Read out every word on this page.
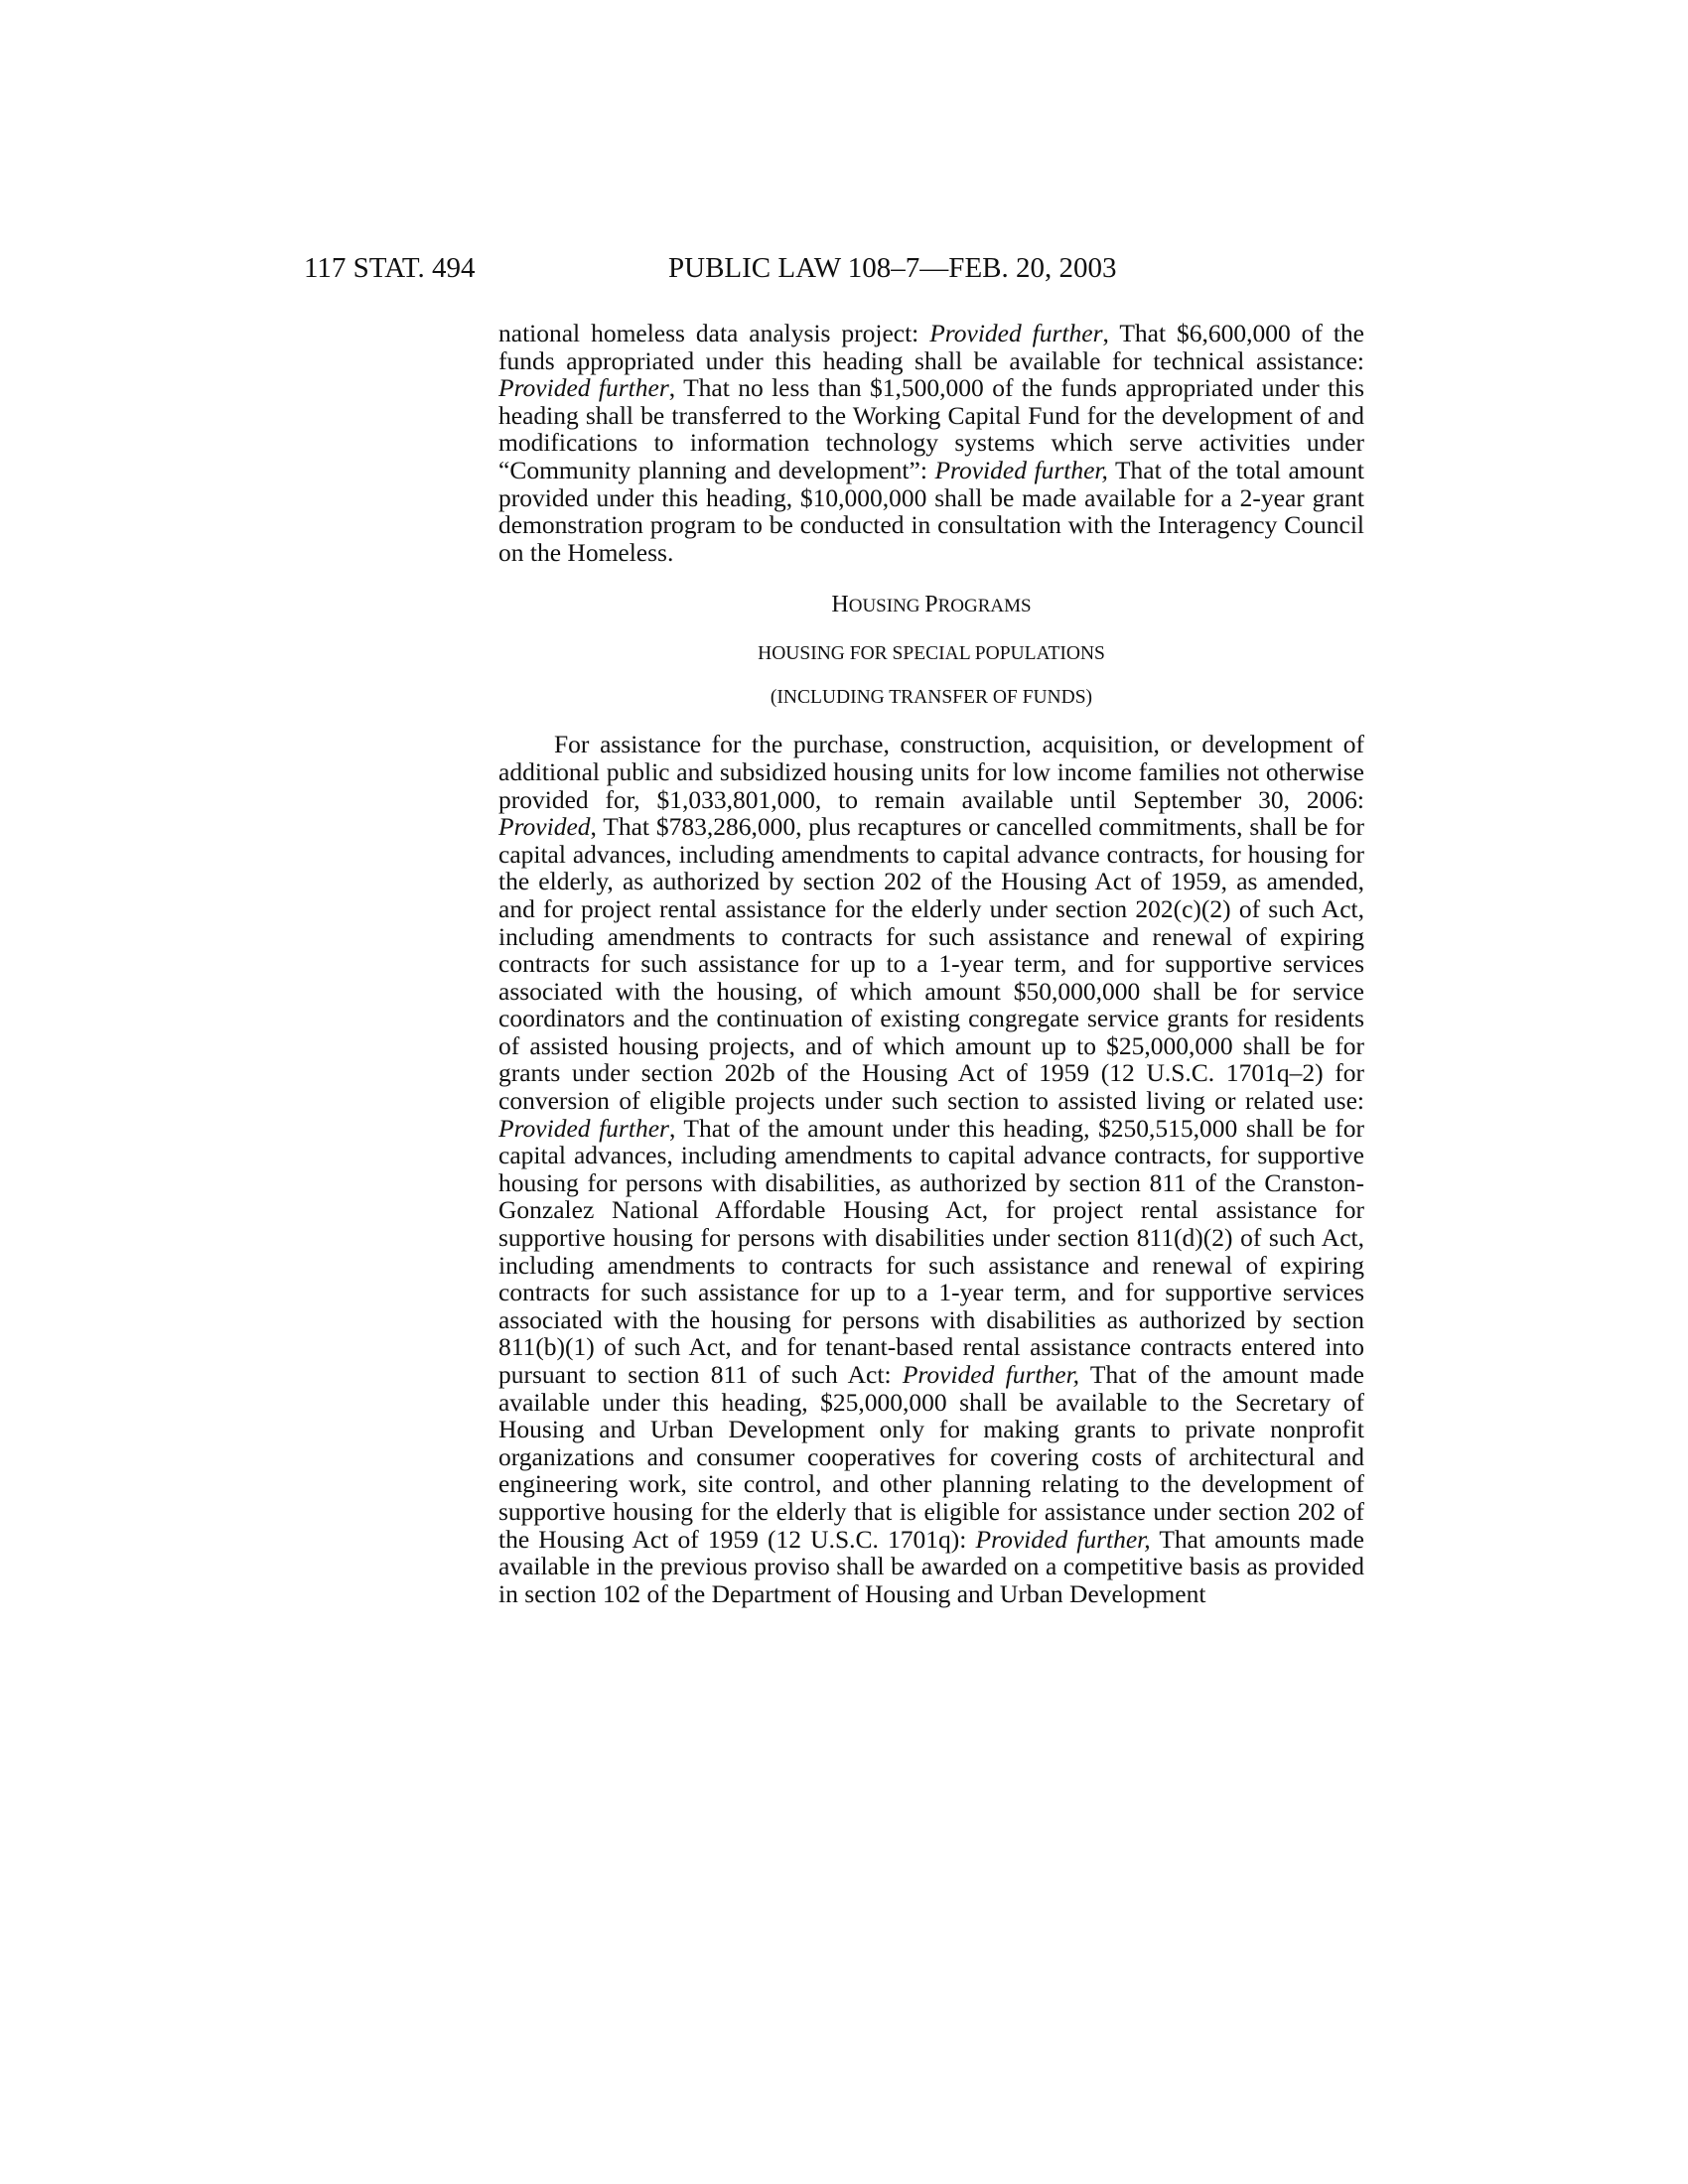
117 STAT. 494	PUBLIC LAW 108–7—FEB. 20, 2003

national homeless data analysis project: Provided further, That $6,600,000 of the funds appropriated under this heading shall be available for technical assistance: Provided further, That no less than $1,500,000 of the funds appropriated under this heading shall be transferred to the Working Capital Fund for the development of and modifications to information technology systems which serve activities under “Community planning and development”: Provided further, That of the total amount provided under this heading, $10,000,000 shall be made available for a 2-year grant demonstration program to be conducted in consultation with the Interagency Council on the Homeless.

HOUSING PROGRAMS
HOUSING FOR SPECIAL POPULATIONS
(INCLUDING TRANSFER OF FUNDS)

For assistance for the purchase, construction, acquisition, or development of additional public and subsidized housing units for low income families not otherwise provided for, $1,033,801,000, to remain available until September 30, 2006: Provided, That $783,286,000, plus recaptures or cancelled commitments, shall be for capital advances, including amendments to capital advance contracts, for housing for the elderly, as authorized by section 202 of the Housing Act of 1959, as amended, and for project rental assistance for the elderly under section 202(c)(2) of such Act, including amendments to contracts for such assistance and renewal of expiring contracts for such assistance for up to a 1-year term, and for supportive services associated with the housing, of which amount $50,000,000 shall be for service coordinators and the continuation of existing congregate service grants for residents of assisted housing projects, and of which amount up to $25,000,000 shall be for grants under section 202b of the Housing Act of 1959 (12 U.S.C. 1701q–2) for conversion of eligible projects under such section to assisted living or related use: Provided further, That of the amount under this heading, $250,515,000 shall be for capital advances, including amendments to capital advance contracts, for supportive housing for persons with disabilities, as authorized by section 811 of the Cranston-Gonzalez National Affordable Housing Act, for project rental assistance for supportive housing for persons with disabilities under section 811(d)(2) of such Act, including amendments to contracts for such assistance and renewal of expiring contracts for such assistance for up to a 1-year term, and for supportive services associated with the housing for persons with disabilities as authorized by section 811(b)(1) of such Act, and for tenant-based rental assistance contracts entered into pursuant to section 811 of such Act: Provided further, That of the amount made available under this heading, $25,000,000 shall be available to the Secretary of Housing and Urban Development only for making grants to private nonprofit organizations and consumer cooperatives for covering costs of architectural and engineering work, site control, and other planning relating to the development of supportive housing for the elderly that is eligible for assistance under section 202 of the Housing Act of 1959 (12 U.S.C. 1701q): Provided further, That amounts made available in the previous proviso shall be awarded on a competitive basis as provided in section 102 of the Department of Housing and Urban Development
